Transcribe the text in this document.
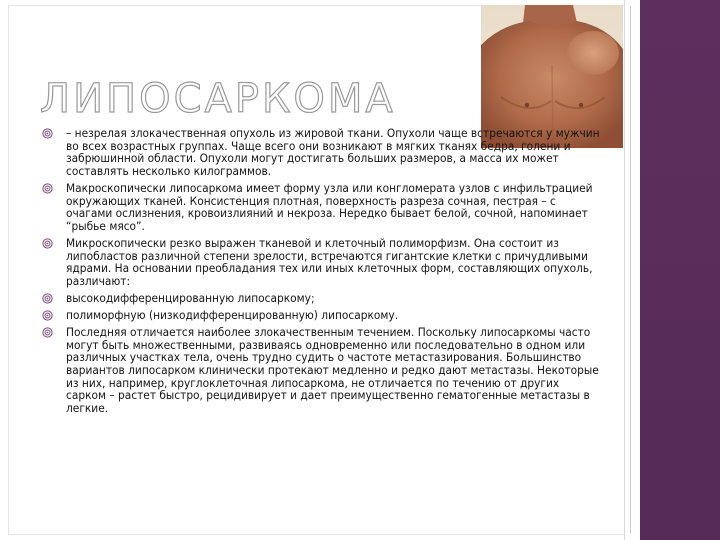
ЛИПОСАРКОМА
– незрелая злокачественная опухоль из жировой ткани. Опухоли чаще встречаются у мужчин во всех возрастных группах. Чаще всего они возникают в мягких тканях бедра, голени и забрюшинной области. Опухоли могут достигать больших размеров, а масса их может составлять несколько килограммов.
Макроскопически липосаркома имеет форму узла или конгломерата узлов с инфильтрацией окружающих тканей. Консистенция плотная, поверхность разреза сочная, пестрая – с очагами ослизнения, кровоизлияний и некроза. Нередко бывает белой, сочной, напоминает “рыбье мясо”.
Микроскопически резко выражен тканевой и клеточный полиморфизм. Она состоит из липобластов различной степени зрелости, встречаются гигантские клетки с причудливыми ядрами. На основании преобладания тех или иных клеточных форм, составляющих опухоль, различают:
высокодифференцированную липосаркому;
полиморфную (низкодифференцированную) липосаркому.
Последняя отличается наиболее злокачественным течением. Поскольку липосаркомы часто могут быть множественными, развиваясь одновременно или последовательно в одном или различных участках тела, очень трудно судить о частоте метастазирования. Большинство вариантов липосарком клинически протекают медленно и редко дают метастазы. Некоторые из них, например, круглоклеточная липосаркома, не отличается по течению от других сарком – растет быстро, рецидивирует и дает преимущественно гематогенные метастазы в легкие.
